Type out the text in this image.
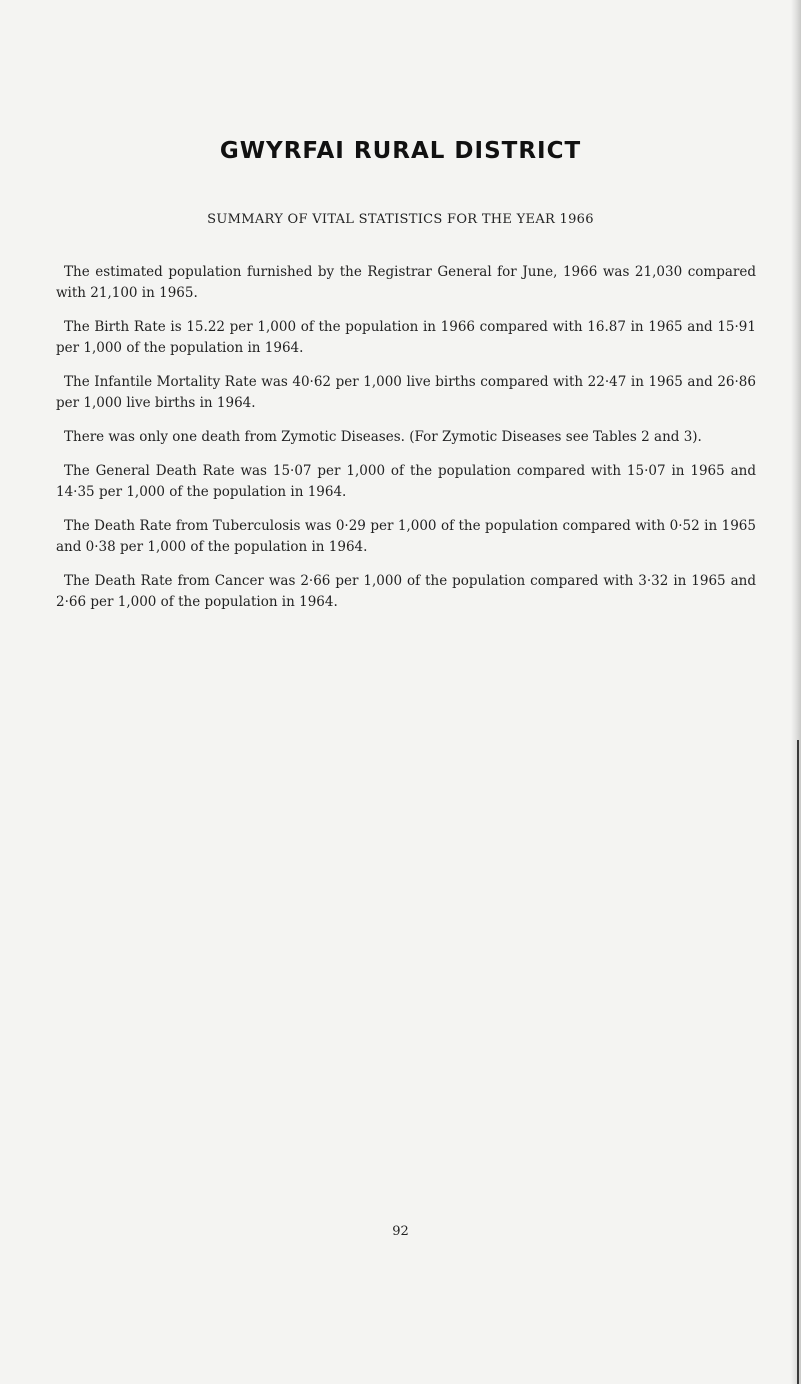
GWYRFAI RURAL DISTRICT
SUMMARY OF VITAL STATISTICS FOR THE YEAR 1966

The estimated population furnished by the Registrar General for June, 1966 was 21,030 compared with 21,100 in 1965.

The Birth Rate is 15.22 per 1,000 of the population in 1966 compared with 16.87 in 1965 and 15·91 per 1,000 of the population in 1964.

The Infantile Mortality Rate was 40·62 per 1,000 live births compared with 22·47 in 1965 and 26·86 per 1,000 live births in 1964.

There was only one death from Zymotic Diseases. (For Zymotic Diseases see Tables 2 and 3).

The General Death Rate was 15·07 per 1,000 of the population compared with 15·07 in 1965 and 14·35 per 1,000 of the population in 1964.

The Death Rate from Tuberculosis was 0·29 per 1,000 of the population compared with 0·52 in 1965 and 0·38 per 1,000 of the population in 1964.

The Death Rate from Cancer was 2·66 per 1,000 of the population compared with 3·32 in 1965 and 2·66 per 1,000 of the population in 1964.

92
